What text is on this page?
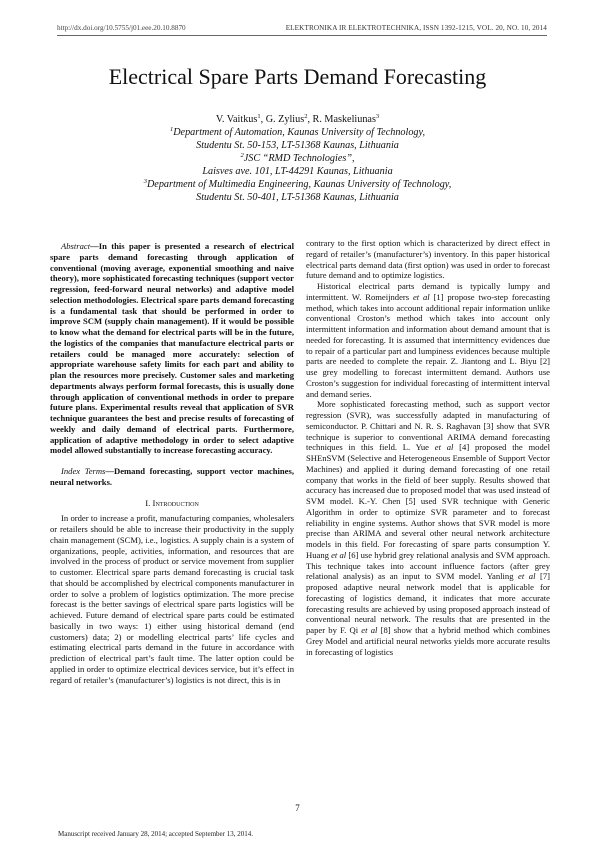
http://dx.doi.org/10.5755/j01.eee.20.10.8870	ELEKTRONIKA IR ELEKTROTECHNIKA, ISSN 1392-1215, VOL. 20, NO. 10, 2014
Electrical Spare Parts Demand Forecasting
V. Vaitkus$^1$, G. Zylius$^2$, R. Maskeliunas$^3$
$^1$Department of Automation, Kaunas University of Technology,
Studentu St. 50-153, LT-51368 Kaunas, Lithuania
$^2$JSC “RMD Technologies”,
Laisves ave. 101, LT-44291 Kaunas, Lithuania
$^3$Department of Multimedia Engineering, Kaunas University of Technology,
Studentu St. 50-401, LT-51368 Kaunas, Lithuania

Abstract—In this paper is presented a research of electrical spare parts demand forecasting through application of conventional (moving average, exponential smoothing and naive theory), more sophisticated forecasting techniques (support vector regression, feed-forward neural networks) and adaptive model selection methodologies. Electrical spare parts demand forecasting is a fundamental task that should be performed in order to improve SCM (supply chain management). If it would be possible to know what the demand for electrical parts will be in the future, the logistics of the companies that manufacture electrical parts or retailers could be managed more accurately: selection of appropriate warehouse safety limits for each part and ability to plan the resources more precisely. Customer sales and marketing departments always perform formal forecasts, this is usually done through application of conventional methods in order to prepare future plans. Experimental results reveal that application of SVR technique guarantees the best and precise results of forecasting of weekly and daily demand of electrical parts. Furthermore, application of adaptive methodology in order to select adaptive model allowed substantially to increase forecasting accuracy.

Index Terms—Demand forecasting, support vector machines, neural networks.

I. Introduction

In order to increase a profit, manufacturing companies, wholesalers or retailers should be able to increase their productivity in the supply chain management (SCM), i.e., logistics. A supply chain is a system of organizations, people, activities, information, and resources that are involved in the process of product or service movement from supplier to customer. Electrical spare parts demand forecasting is crucial task that should be accomplished by electrical components manufacturer in order to solve a problem of logistics optimization. The more precise forecast is the better savings of electrical spare parts logistics will be achieved. Future demand of electrical spare parts could be estimated basically in two ways: 1) either using historical demand (end customers) data; 2) or modelling electrical parts’ life cycles and estimating electrical parts demand in the future in accordance with prediction of electrical part’s fault time. The latter option could be applied in order to optimize electrical devices service, but it’s effect in regard of retailer’s (manufacturer’s) logistics is not direct, this is in

contrary to the first option which is characterized by direct effect in regard of retailer’s (manufacturer’s) inventory. In this paper historical electrical parts demand data (first option) was used in order to forecast future demand and to optimize logistics.

Historical electrical parts demand is typically lumpy and intermittent. W. Romeijnders et al [1] propose two-step forecasting method, which takes into account additional repair information unlike conventional Croston’s method which takes into account only intermittent information and information about demand amount that is needed for forecasting. It is assumed that intermittency evidences due to repair of a particular part and lumpiness evidences because multiple parts are needed to complete the repair. Z. Jiantong and L. Biyu [2] use grey modelling to forecast intermittent demand. Authors use Croston’s suggestion for individual forecasting of intermittent interval and demand series.

More sophisticated forecasting method, such as support vector regression (SVR), was successfully adapted in manufacturing of semiconductor. P. Chittari and N. R. S. Raghavan [3] show that SVR technique is superior to conventional ARIMA demand forecasting techniques in this field. L. Yue et al [4] proposed the model SHEnSVM (Selective and Heterogeneous Ensemble of Support Vector Machines) and applied it during demand forecasting of one retail company that works in the field of beer supply. Results showed that accuracy has increased due to proposed model that was used instead of SVM model. K.-Y. Chen [5] used SVR technique with Generic Algorithm in order to optimize SVR parameter and to forecast reliability in engine systems. Author shows that SVR model is more precise than ARIMA and several other neural network architecture models in this field. For forecasting of spare parts consumption Y. Huang et al [6] use hybrid grey relational analysis and SVM approach. This technique takes into account influence factors (after grey relational analysis) as an input to SVM model. Yanling et al [7] proposed adaptive neural network model that is applicable for forecasting of logistics demand, it indicates that more accurate forecasting results are achieved by using proposed approach instead of conventional neural network. The results that are presented in the paper by F. Qi et al [8] show that a hybrid method which combines Grey Model and artificial neural networks yields more accurate results in forecasting of logistics

Manuscript received January 28, 2014; accepted September 13, 2014.
7
